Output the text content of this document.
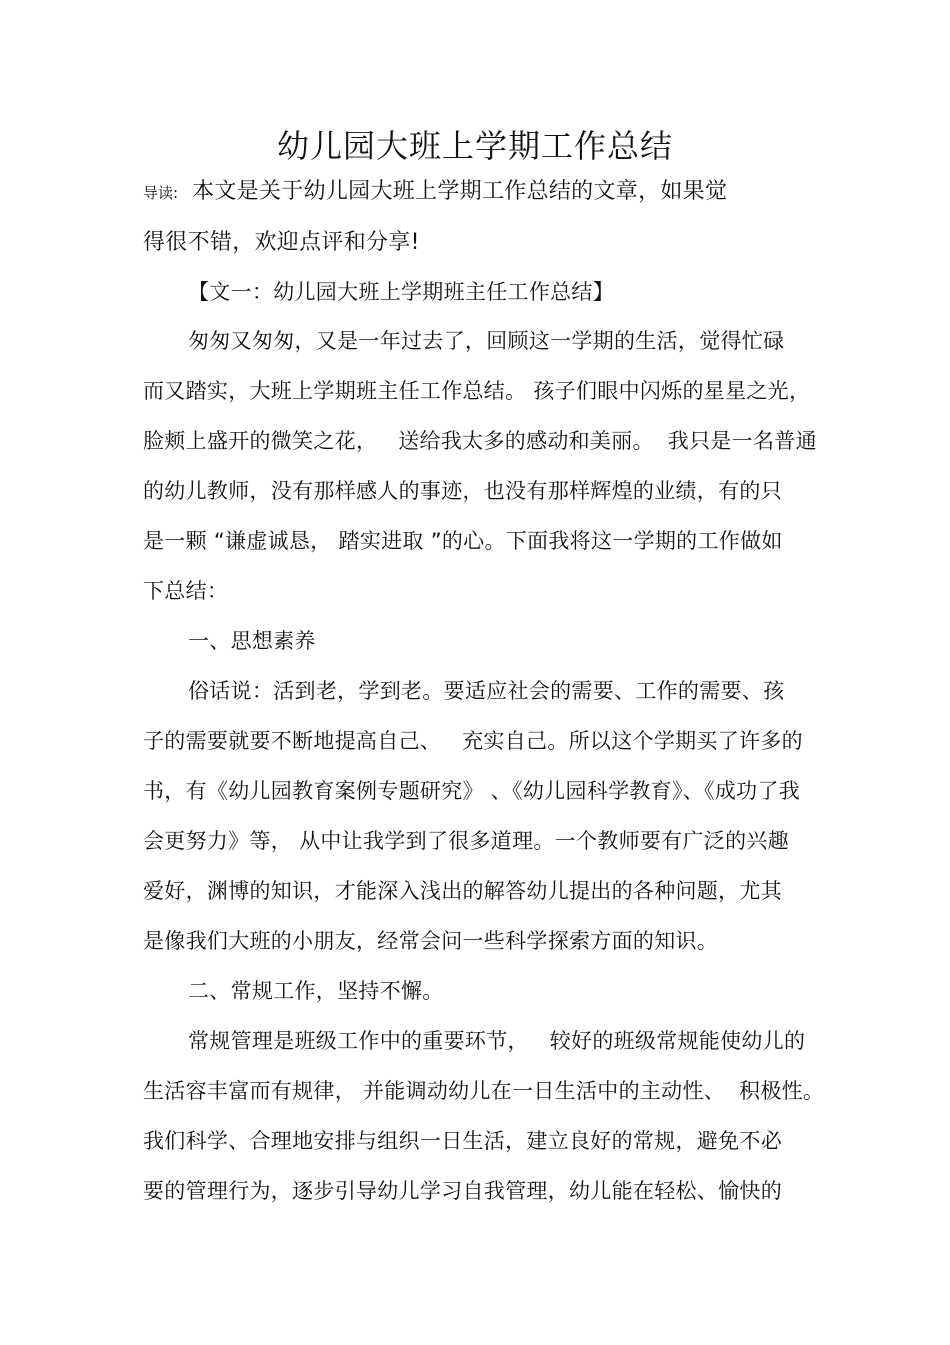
幼儿园大班上学期工作总结
导读: 本文是关于幼儿园大班上学期工作总结的文章，如果觉
得很不错，欢迎点评和分享!
【文一：幼儿园大班上学期班主任工作总结】
匆匆又匆匆，又是一年过去了，回顾这一学期的生活，觉得忙碌
而又踏实，大班上学期班主任工作总结。 孩子们眼中闪烁的星星之光，
脸颊上盛开的微笑之花，   送给我太多的感动和美丽。  我只是一名普通
的幼儿教师，没有那样感人的事迹，也没有那样辉煌的业绩，有的只
是一颗 “谦虚诚恳， 踏实进取 ”的心。下面我将这一学期的工作做如
下总结：
一、思想素养
俗话说：活到老，学到老。要适应社会的需要、工作的需要、孩
子的需要就要不断地提高自己、   充实自己。所以这个学期买了许多的
书，有《幼儿园教育案例专题研究》 、《幼儿园科学教育》、《成功了我
会更努力》等， 从中让我学到了很多道理。一个教师要有广泛的兴趣
爱好，渊博的知识，才能深入浅出的解答幼儿提出的各种问题，尤其
是像我们大班的小朋友，经常会问一些科学探索方面的知识。
二、常规工作，坚持不懈。
常规管理是班级工作中的重要环节，   较好的班级常规能使幼儿的
生活容丰富而有规律， 并能调动幼儿在一日生活中的主动性、  积极性。
我们科学、合理地安排与组织一日生活，建立良好的常规，避免不必
要的管理行为，逐步引导幼儿学习自我管理，幼儿能在轻松、愉快的
